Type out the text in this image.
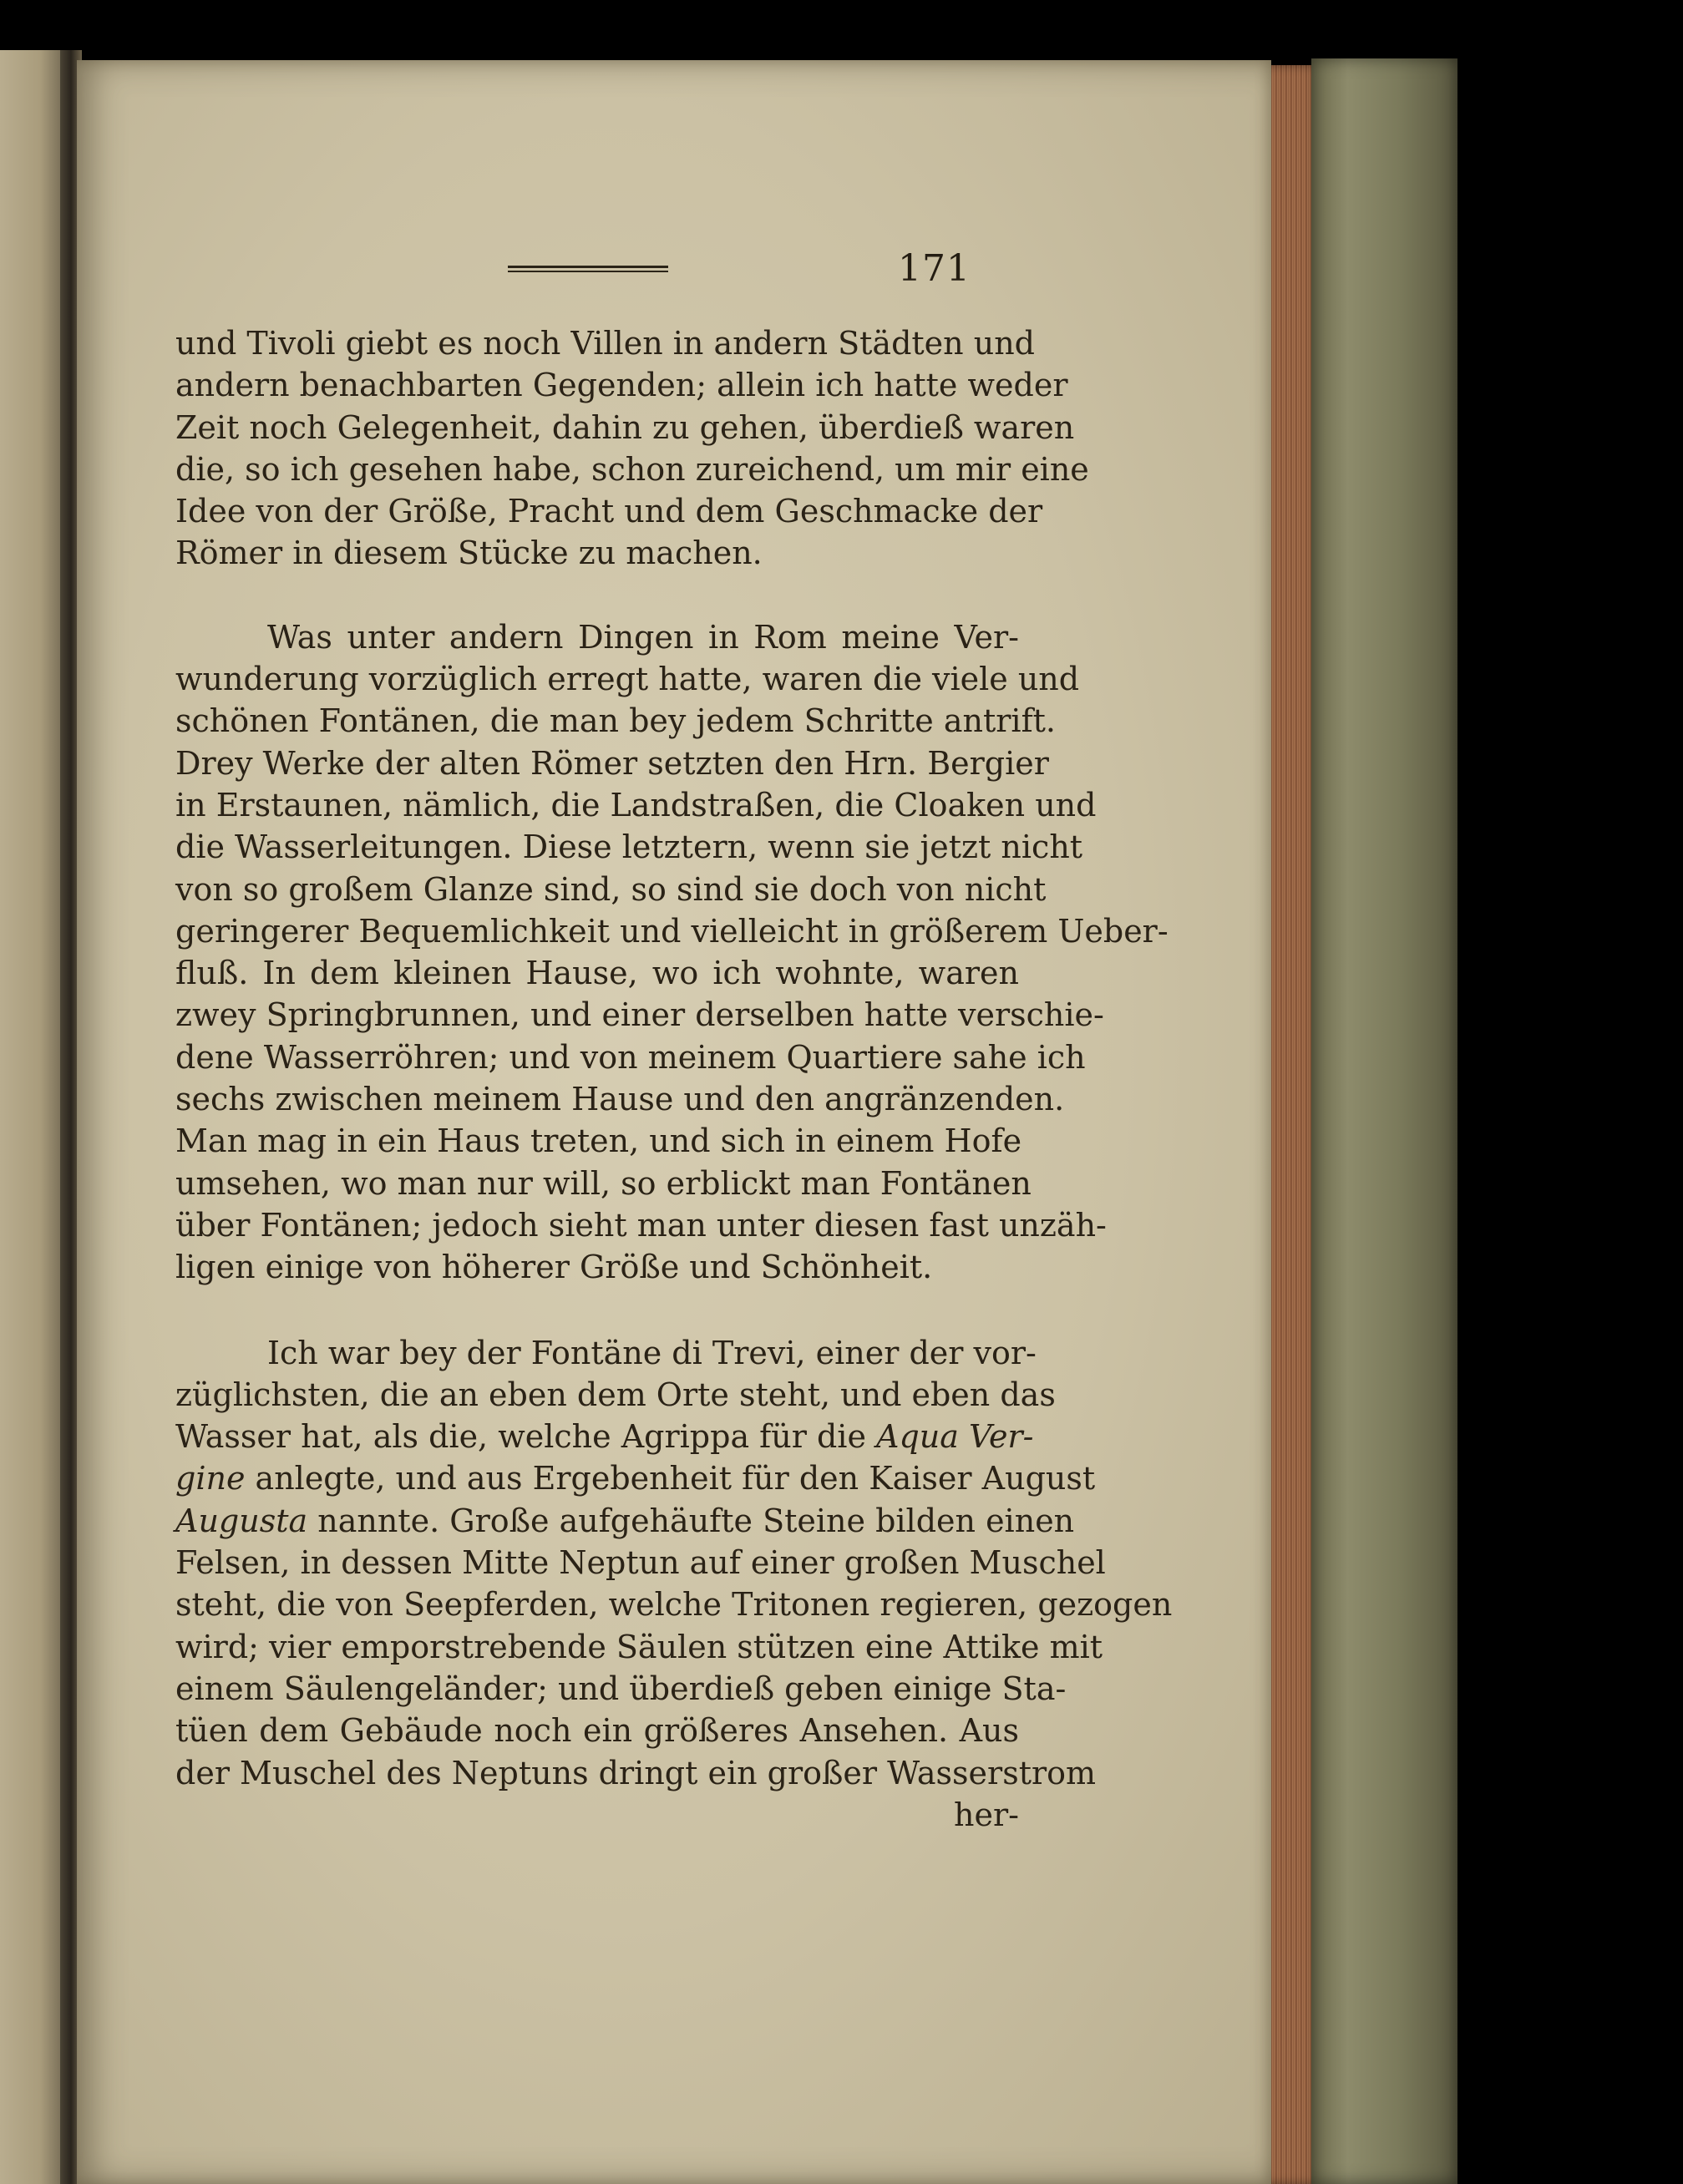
171
und Tivoli giebt es noch Villen in andern Städten und
andern benachbarten Gegenden; allein ich hatte weder
Zeit noch Gelegenheit, dahin zu gehen, überdieß waren
die, so ich gesehen habe, schon zureichend, um mir eine
Idee von der Größe, Pracht und dem Geschmacke der
Römer in diesem Stücke zu machen.
Was unter andern Dingen in Rom meine Ver-
wunderung vorzüglich erregt hatte, waren die viele und
schönen Fontänen, die man bey jedem Schritte antrift.
Drey Werke der alten Römer setzten den Hrn. Bergier
in Erstaunen, nämlich, die Landstraßen, die Cloaken und
die Wasserleitungen. Diese letztern, wenn sie jetzt nicht
von so großem Glanze sind, so sind sie doch von nicht
geringerer Bequemlichkeit und vielleicht in größerem Ueber-
fluß. In dem kleinen Hause, wo ich wohnte, waren
zwey Springbrunnen, und einer derselben hatte verschie-
dene Wasserröhren; und von meinem Quartiere sahe ich
sechs zwischen meinem Hause und den angränzenden.
Man mag in ein Haus treten, und sich in einem Hofe
umsehen, wo man nur will, so erblickt man Fontänen
über Fontänen; jedoch sieht man unter diesen fast unzäh-
ligen einige von höherer Größe und Schönheit.
Ich war bey der Fontäne di Trevi, einer der vor-
züglichsten, die an eben dem Orte steht, und eben das
Wasser hat, als die, welche Agrippa für die Aqua Ver-
gine anlegte, und aus Ergebenheit für den Kaiser August
Augusta nannte. Große aufgehäufte Steine bilden einen
Felsen, in dessen Mitte Neptun auf einer großen Muschel
steht, die von Seepferden, welche Tritonen regieren, gezogen
wird; vier emporstrebende Säulen stützen eine Attike mit
einem Säulengeländer; und überdieß geben einige Sta-
tüen dem Gebäude noch ein größeres Ansehen. Aus
der Muschel des Neptuns dringt ein großer Wasserstrom
her-
